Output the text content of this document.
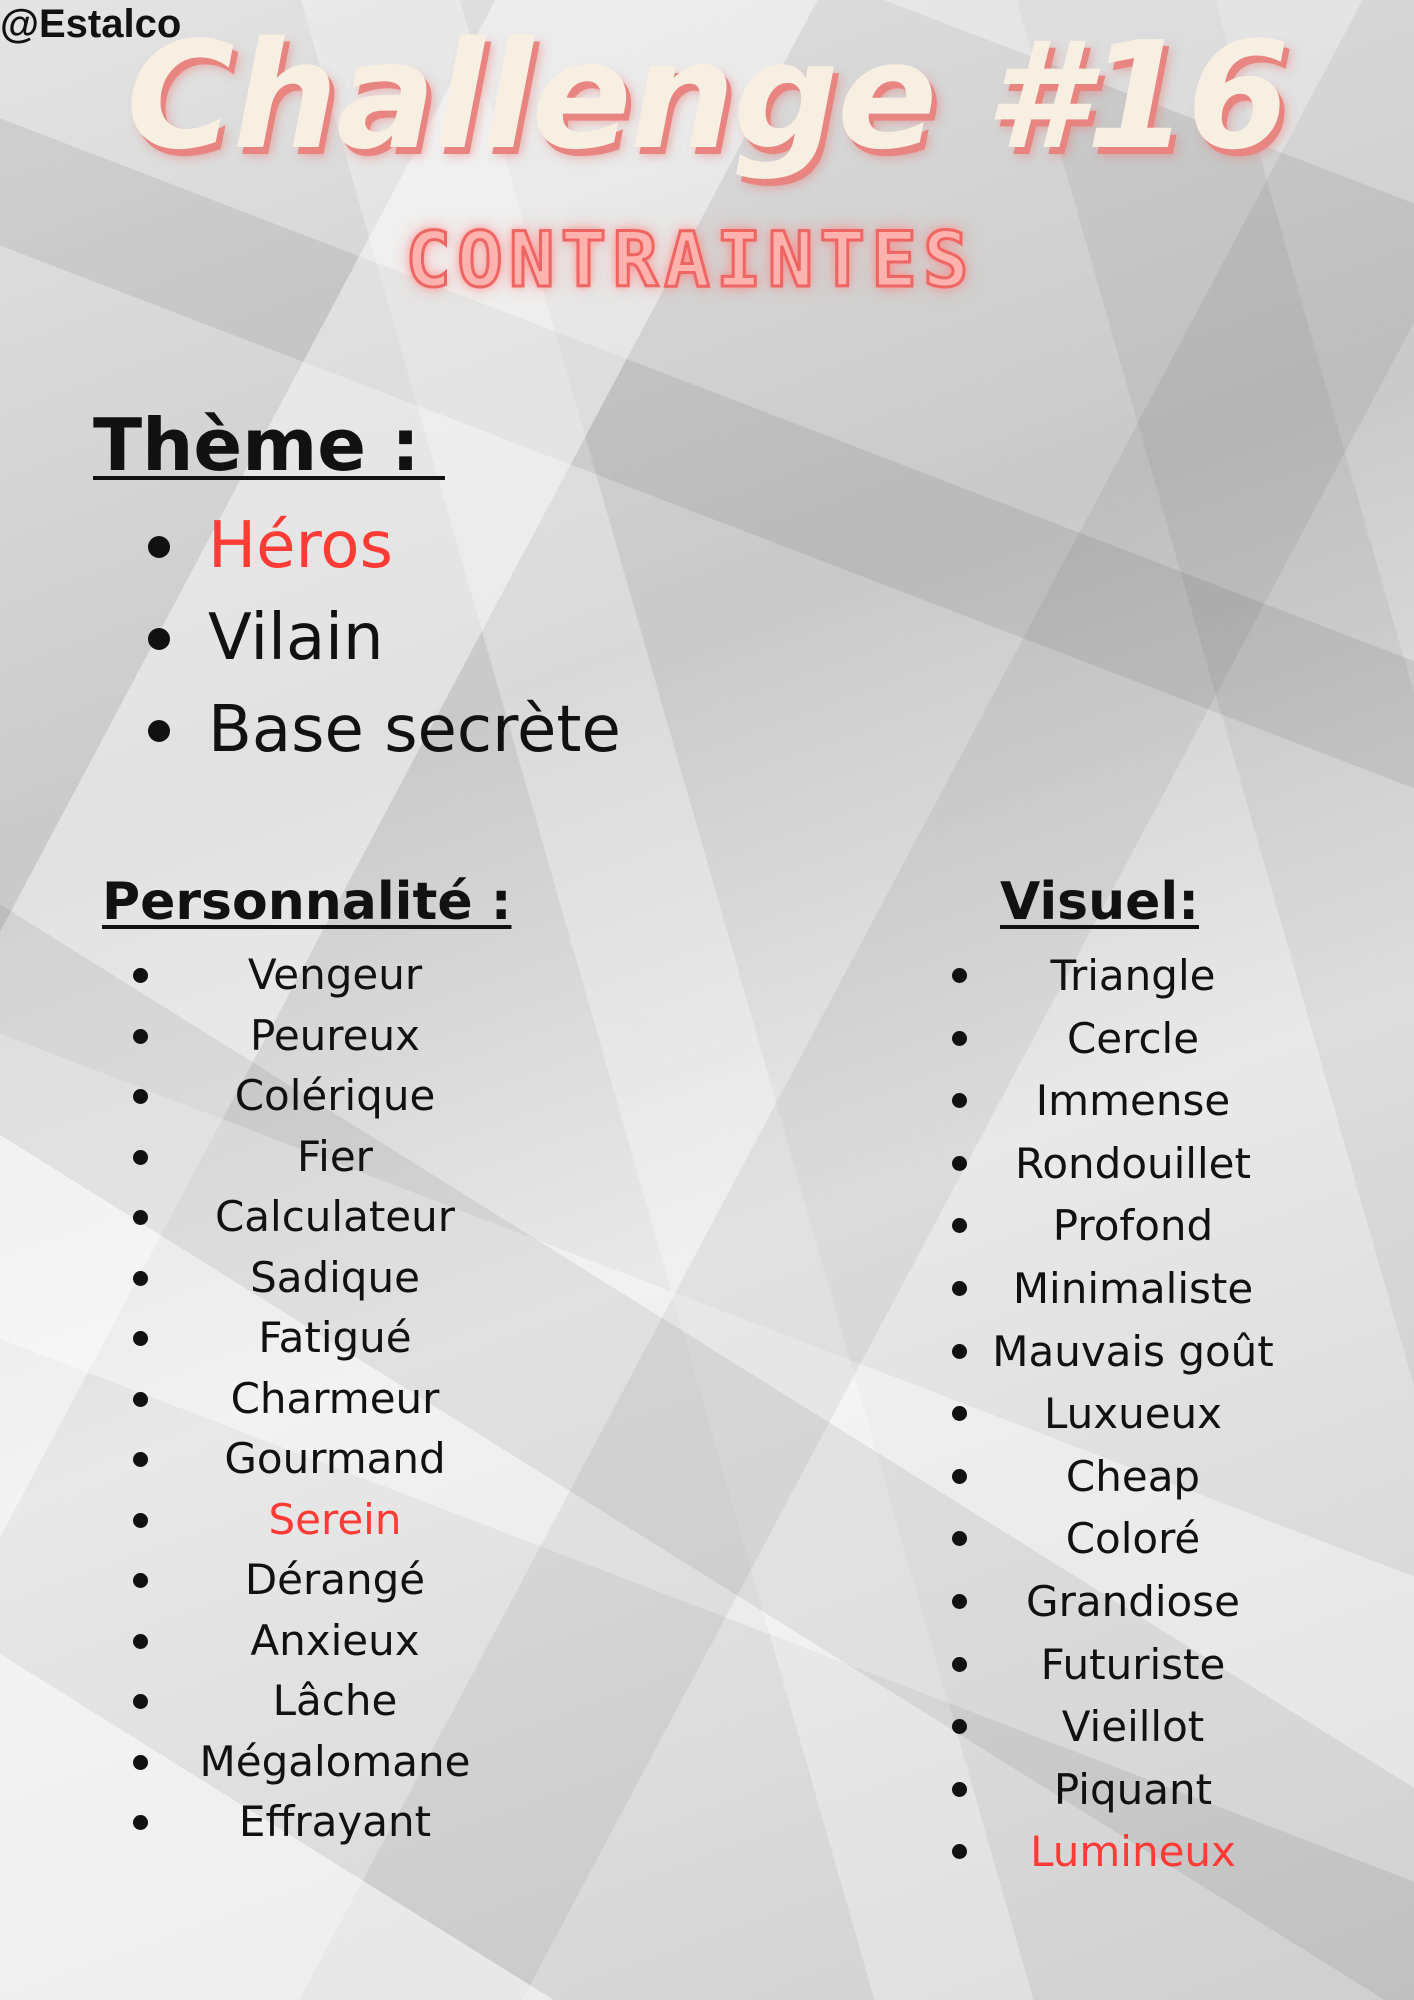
@Estalco
Challenge #16
CONTRAINTES
Thème :
Héros
Vilain
Base secrète
Personnalité :
Vengeur
Peureux
Colérique
Fier
Calculateur
Sadique
Fatigué
Charmeur
Gourmand
Serein
Dérangé
Anxieux
Lâche
Mégalomane
Effrayant
Visuel:
Triangle
Cercle
Immense
Rondouillet
Profond
Minimaliste
Mauvais goût
Luxueux
Cheap
Coloré
Grandiose
Futuriste
Vieillot
Piquant
Lumineux
